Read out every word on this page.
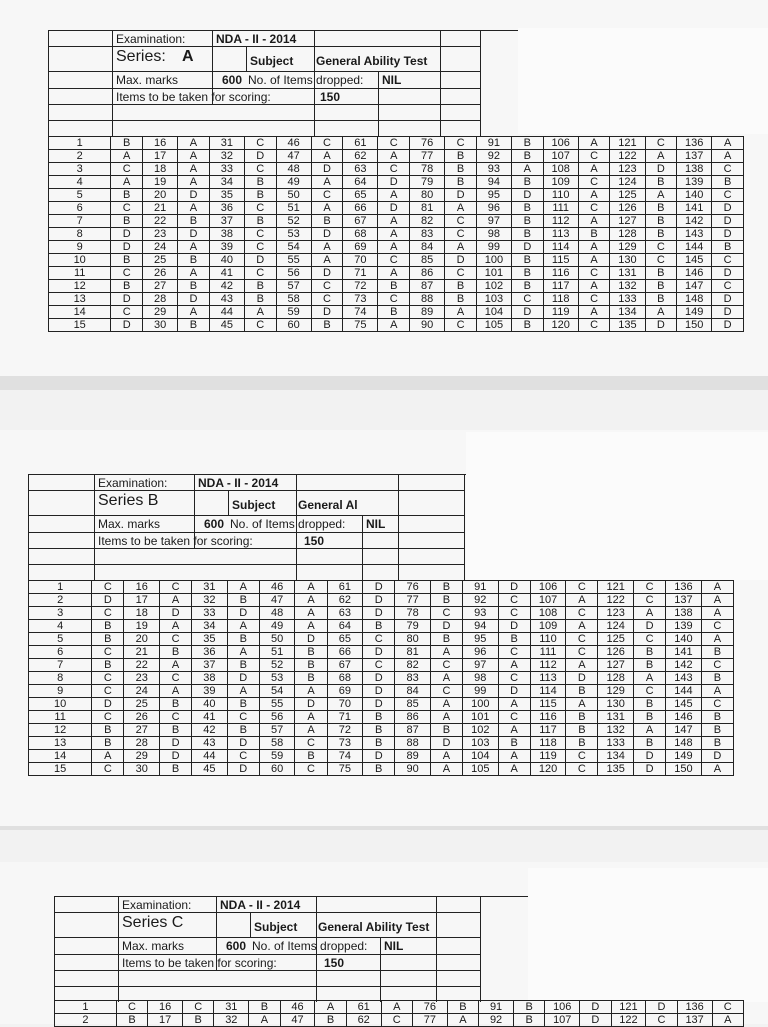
Examination:	NDA - II - 2014
Series: A	Subject General Ability Test
Max. marks	600 No. of Items dropped: NIL
Items to be taken for scoring:	150
1	B	16	A	31	C	46	C	61	C	76	C	91	B	106	A	121	C	136	A
2	A	17	A	32	D	47	A	62	A	77	B	92	B	107	C	122	A	137	A
3	C	18	A	33	C	48	D	63	C	78	B	93	A	108	A	123	D	138	C
4	A	19	A	34	B	49	A	64	D	79	B	94	B	109	C	124	B	139	B
5	B	20	D	35	B	50	C	65	A	80	D	95	D	110	A	125	A	140	C
6	C	21	A	36	C	51	A	66	D	81	A	96	B	111	C	126	B	141	D
7	B	22	B	37	B	52	B	67	A	82	C	97	B	112	A	127	B	142	D
8	D	23	D	38	C	53	D	68	A	83	C	98	B	113	B	128	B	143	D
9	D	24	A	39	C	54	A	69	A	84	A	99	D	114	A	129	C	144	B
10	B	25	B	40	D	55	A	70	C	85	D	100	B	115	A	130	C	145	C
11	C	26	A	41	C	56	D	71	A	86	C	101	B	116	C	131	B	146	D
12	B	27	B	42	B	57	C	72	B	87	B	102	B	117	A	132	B	147	C
13	D	28	D	43	B	58	C	73	C	88	B	103	C	118	C	133	B	148	D
14	C	29	A	44	A	59	D	74	B	89	A	104	D	119	A	134	A	149	D
15	D	30	B	45	C	60	B	75	A	90	C	105	B	120	C	135	D	150	D
Examination:	NDA - II - 2014
Series B	Subject General Al
Max. marks	600 No. of Items dropped: NIL
Items to be taken for scoring:	150
1	C	16	C	31	A	46	A	61	D	76	B	91	D	106	C	121	C	136	A
2	D	17	A	32	B	47	A	62	D	77	B	92	C	107	A	122	C	137	A
3	C	18	D	33	D	48	A	63	D	78	C	93	C	108	C	123	A	138	A
4	B	19	A	34	A	49	A	64	B	79	D	94	D	109	A	124	D	139	C
5	B	20	C	35	B	50	D	65	C	80	B	95	B	110	C	125	C	140	A
6	C	21	B	36	A	51	B	66	D	81	A	96	C	111	C	126	B	141	B
7	B	22	A	37	B	52	B	67	C	82	C	97	A	112	A	127	B	142	C
8	C	23	C	38	D	53	B	68	D	83	A	98	C	113	D	128	A	143	B
9	C	24	A	39	A	54	A	69	D	84	C	99	D	114	B	129	C	144	A
10	D	25	B	40	B	55	D	70	D	85	A	100	A	115	A	130	B	145	C
11	C	26	C	41	C	56	A	71	B	86	A	101	C	116	B	131	B	146	B
12	B	27	B	42	B	57	A	72	B	87	B	102	A	117	B	132	A	147	B
13	B	28	D	43	D	58	C	73	B	88	D	103	B	118	B	133	B	148	B
14	A	29	D	44	C	59	B	74	D	89	A	104	A	119	C	134	D	149	D
15	C	30	B	45	D	60	C	75	B	90	A	105	A	120	C	135	D	150	A
Examination: NDA - II - 2014
Series C	Subject General Ability Test
Max. marks	600 No. of Items dropped: NIL
Items to be taken for scoring:	150
1	C	16	C	31	B	46	A	61	A	76	B	91	B	106	D	121	D	136	C
2	B	17	B	32	A	47	B	62	C	77	A	92	B	107	D	122	C	137	A
